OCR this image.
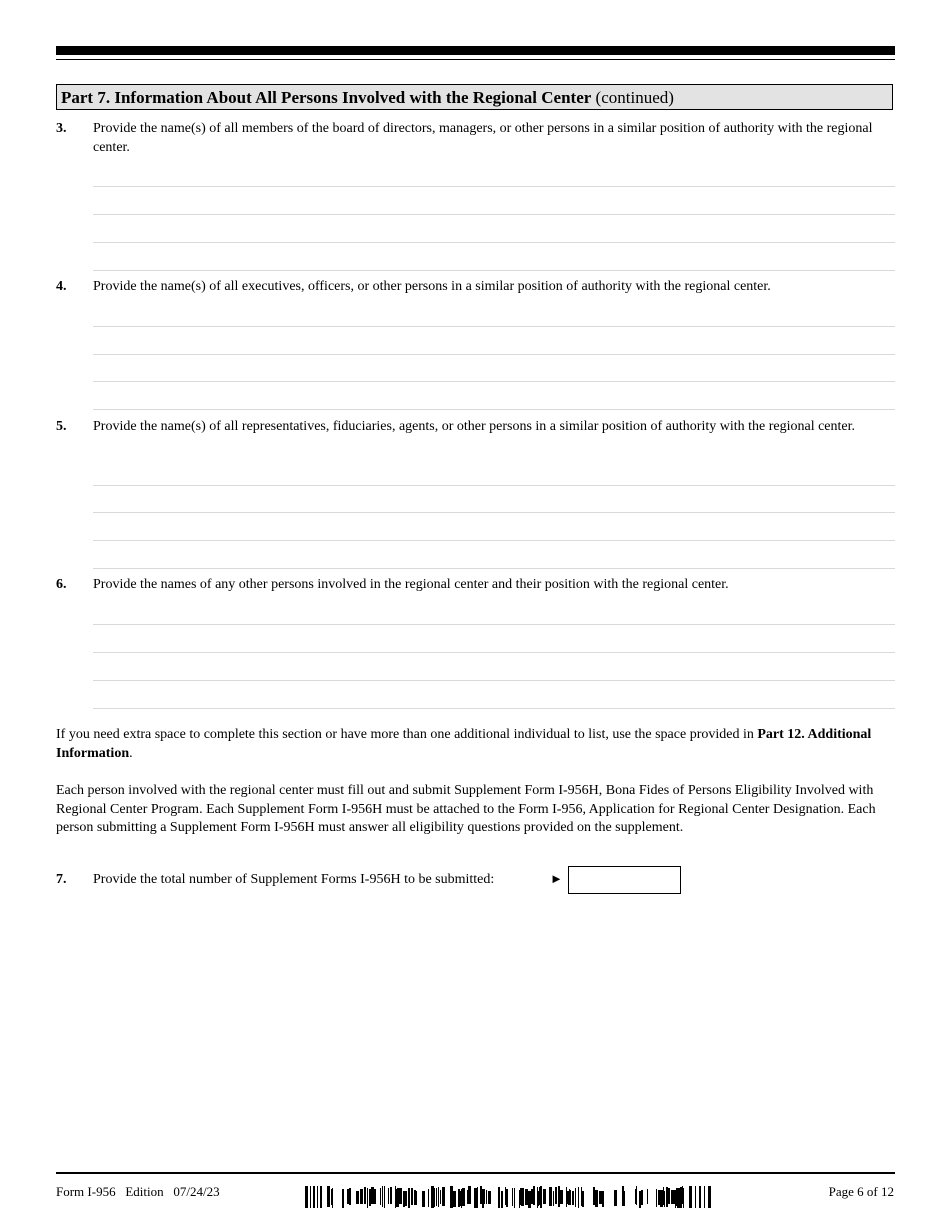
Part 7. Information About All Persons Involved with the Regional Center (continued)
3. Provide the name(s) of all members of the board of directors, managers, or other persons in a similar position of authority with the regional center.
4. Provide the name(s) of all executives, officers, or other persons in a similar position of authority with the regional center.
5. Provide the name(s) of all representatives, fiduciaries, agents, or other persons in a similar position of authority with the regional center.
6. Provide the names of any other persons involved in the regional center and their position with the regional center.
If you need extra space to complete this section or have more than one additional individual to list, use the space provided in Part 12. Additional Information.
Each person involved with the regional center must fill out and submit Supplement Form I-956H, Bona Fides of Persons Eligibility Involved with Regional Center Program. Each Supplement Form I-956H must be attached to the Form I-956, Application for Regional Center Designation. Each person submitting a Supplement Form I-956H must answer all eligibility questions provided on the supplement.
7. Provide the total number of Supplement Forms I-956H to be submitted:	►
Form I-956   Edition   07/24/23	Page 6 of 12
